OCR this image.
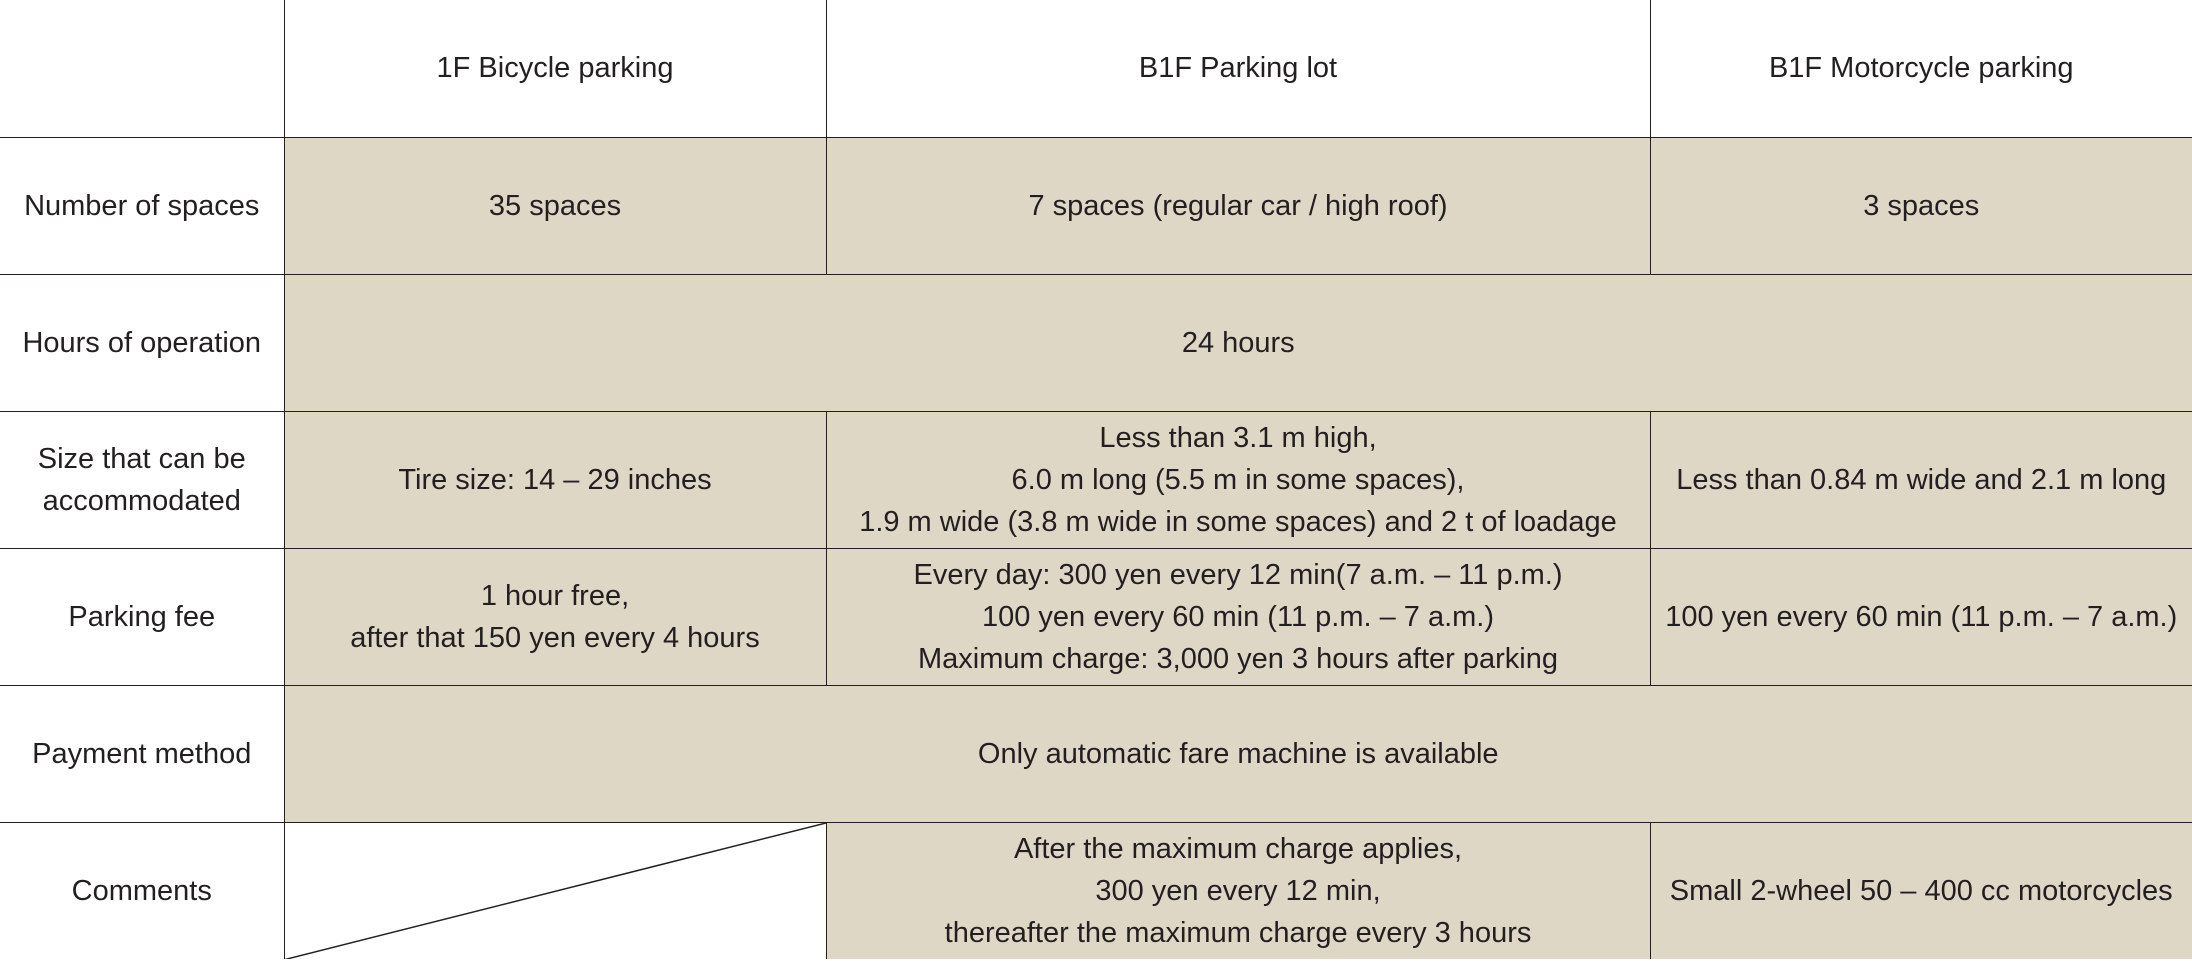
	1F Bicycle parking	B1F Parking lot	B1F Motorcycle parking

Number of spaces	35 spaces	7 spaces (regular car / high roof)	3 spaces

Hours of operation	24 hours		

Size that can be
accommodated	Tire size: 14 – 29 inches	Less than 3.1 m high,
6.0 m long (5.5 m in some spaces),
1.9 m wide (3.8 m wide in some spaces) and 2 t of loadage	Less than 0.84 m wide and 2.1 m long

Parking fee	1 hour free,
after that 150 yen every 4 hours	Every day: 300 yen every 12 min(7 a.m. – 11 p.m.)
100 yen every 60 min (11 p.m. – 7 a.m.)
Maximum charge: 3,000 yen 3 hours after parking	100 yen every 60 min (11 p.m. – 7 a.m.)

Payment method	Only automatic fare machine is available		

Comments		After the maximum charge applies,
300 yen every 12 min,
thereafter the maximum charge every 3 hours	Small 2-wheel 50 – 400 cc motorcycles
